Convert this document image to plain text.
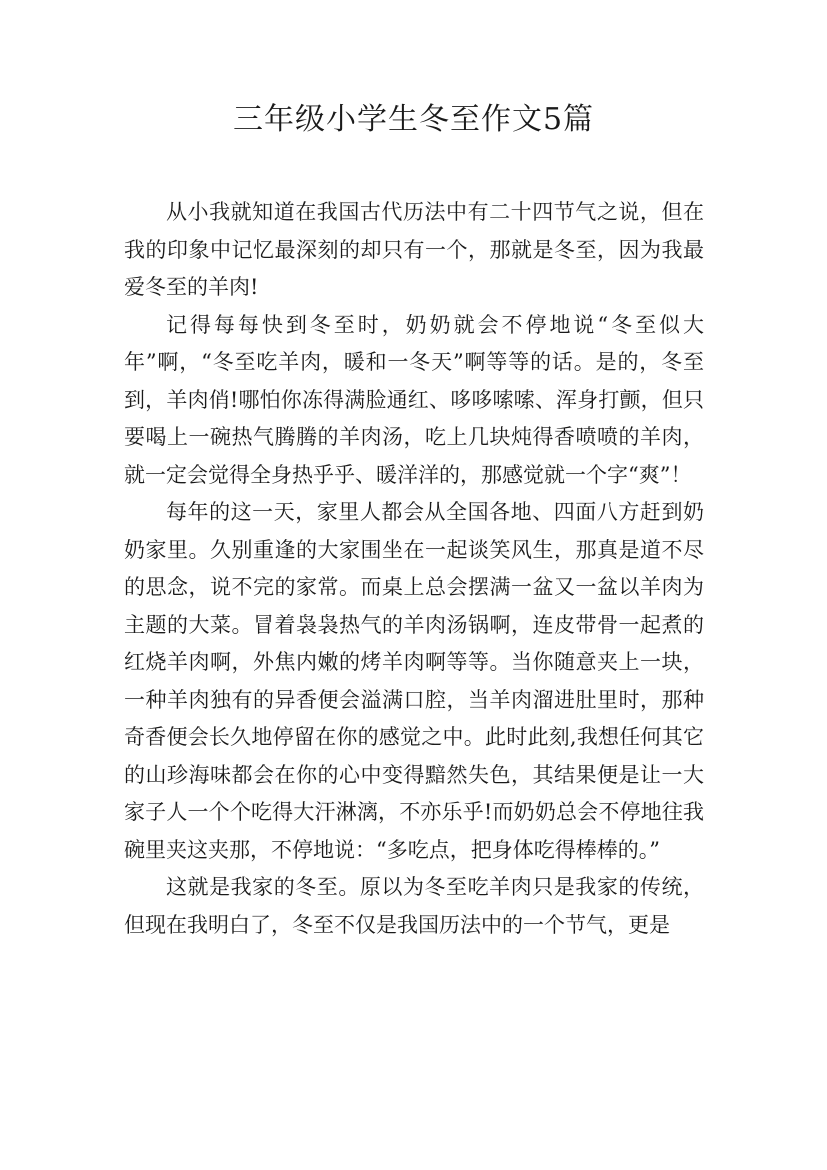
三年级小学生冬至作文5篇

从小我就知道在我国古代历法中有二十四节气之说，但在我的印象中记忆最深刻的却只有一个，那就是冬至，因为我最爱冬至的羊肉!

记得每每快到冬至时，奶奶就会不停地说“冬至似大年”啊，“冬至吃羊肉，暖和一冬天”啊等等的话。是的，冬至到，羊肉俏!哪怕你冻得满脸通红、哆哆嗦嗦、浑身打颤，但只要喝上一碗热气腾腾的羊肉汤，吃上几块炖得香喷喷的羊肉，就一定会觉得全身热乎乎、暖洋洋的，那感觉就一个字“爽”！

每年的这一天，家里人都会从全国各地、四面八方赶到奶奶家里。久别重逢的大家围坐在一起谈笑风生，那真是道不尽的思念，说不完的家常。而桌上总会摆满一盆又一盆以羊肉为主题的大菜。冒着袅袅热气的羊肉汤锅啊，连皮带骨一起煮的红烧羊肉啊，外焦内嫩的烤羊肉啊等等。当你随意夹上一块，一种羊肉独有的异香便会溢满口腔，当羊肉溜进肚里时，那种奇香便会长久地停留在你的感觉之中。此时此刻,我想任何其它的山珍海味都会在你的心中变得黯然失色，其结果便是让一大家子人一个个吃得大汗淋漓，不亦乐乎!而奶奶总会不停地往我碗里夹这夹那，不停地说：“多吃点，把身体吃得棒棒的。”

这就是我家的冬至。原以为冬至吃羊肉只是我家的传统，但现在我明白了，冬至不仅是我国历法中的一个节气，更是
